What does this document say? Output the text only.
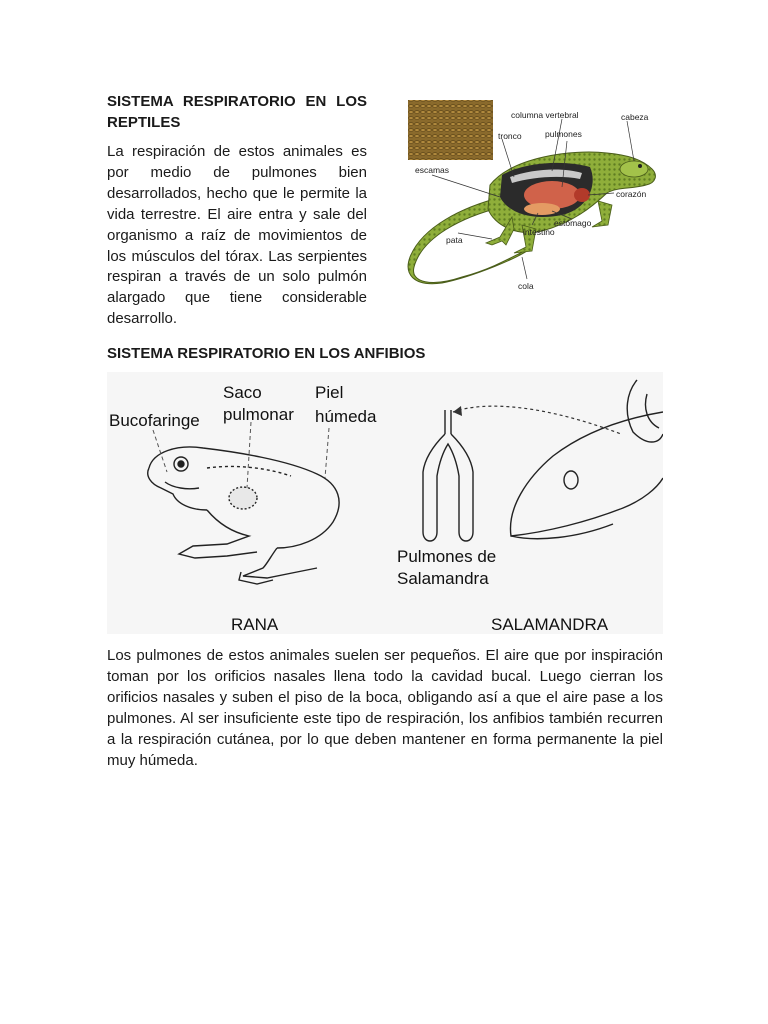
SISTEMA RESPIRATORIO EN LOS REPTILES
La respiración de estos animales es por medio de pulmones bien desarrollados, hecho que le permite la vida terrestre. El aire entra y sale del organismo a raíz de movimientos de los músculos del tórax. Las serpientes respiran a través de un solo pulmón alargado que tiene considerable desarrollo.
columna vertebral	cabeza
tronco	pulmones
escamas
corazón
estómago
intestino
pata
cola
SISTEMA RESPIRATORIO EN LOS ANFIBIOS
Bucofaringe
Saco
pulmonar
Piel
húmeda
Pulmones de
Salamandra
RANA	SALAMANDRA
Los pulmones de estos animales suelen ser pequeños. El aire que por inspiración toman por los orificios nasales llena todo la cavidad bucal. Luego cierran los orificios nasales y suben el piso de la boca, obligando así a que el aire pase a los pulmones. Al ser insuficiente este tipo de respiración, los anfibios también recurren a la respiración cutánea, por lo que deben mantener en forma permanente la piel muy húmeda.
